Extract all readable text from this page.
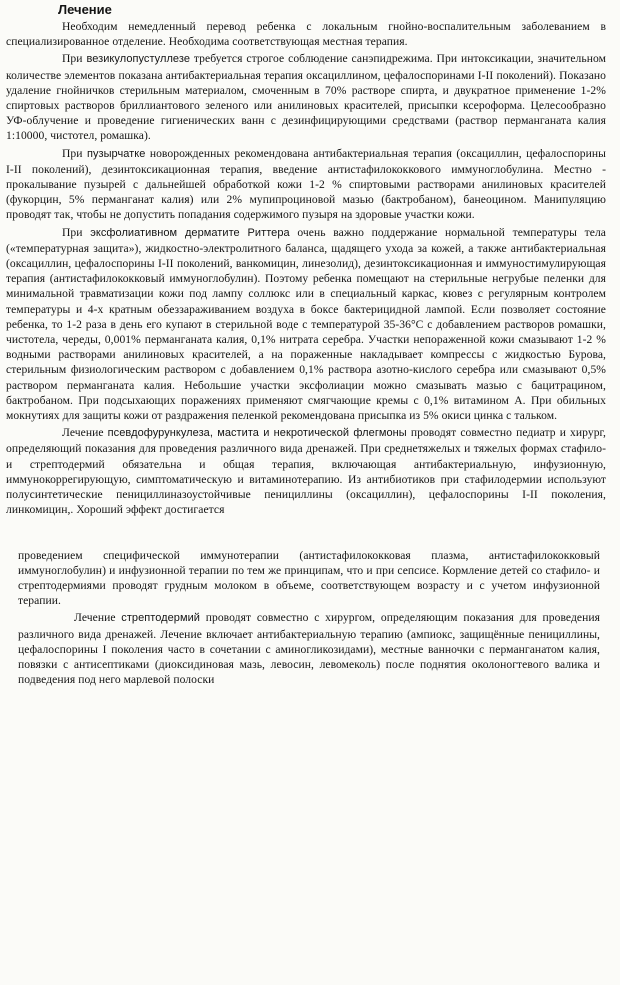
Лечение

Необходим немедленный перевод ребенка с локальным гнойно-воспалительным заболеванием в специализированное отделение. Необходима соответствующая местная терапия.

При везикулопустуллезе требуется строгое соблюдение санэпидрежима. При интоксикации, значительном количестве элементов показана антибактериальная терапия оксациллином, цефалоспоринами I-II поколений). Показано удаление гнойничков стерильным материалом, смоченным в 70% растворе спирта, и двукратное применение 1-2% спиртовых растворов бриллиантового зеленого или анилиновых красителей, присыпки ксероформа. Целесообразно УФ-облучение и проведение гигиенических ванн с дезинфицирующими средствами (раствор перманганата калия 1:10000, чистотел, ромашка).

При пузырчатке новорожденных рекомендована антибактериальная терапия (оксациллин, цефалоспорины I-II поколений), дезинтоксикационная терапия, введение антистафилококкового иммуноглобулина. Местно - прокалывание пузырей с дальнейшей обработкой кожи 1-2 % спиртовыми растворами анилиновых красителей (фукорцин, 5% перманганат калия) или 2% мупипроциновой мазью (бактробаном), банеоцином. Манипуляцию проводят так, чтобы не допустить попадания содержимого пузыря на здоровые участки кожи.

При эксфолиативном дерматите Риттера очень важно поддержание нормальной температуры тела («температурная защита»), жидкостно-электролитного баланса, щадящего ухода за кожей, а также антибактериальная (оксациллин, цефалоспорины I-II поколений, ванкомицин, линезолид), дезинтоксикационная и иммуностимулирующая терапия (антистафилококковый иммуноглобулин). Поэтому ребенка помещают на стерильные негрубые пеленки для минимальной травматизации кожи под лампу соллюкс или в специальный каркас, кювез с регулярным контролем температуры и 4-х кратным обеззараживанием воздуха в боксе бактерицидной лампой. Если позволяет состояние ребенка, то 1-2 раза в день его купают в стерильной воде с температурой 35-36°С с добавлением растворов ромашки, чистотела, череды, 0,001% перманганата калия, 0,1% нитрата серебра. Участки непораженной кожи смазывают 1-2 % водными растворами анилиновых красителей, а на пораженные накладывает компрессы с жидкостью Бурова, стерильным физиологическим раствором с добавлением 0,1% раствора азотно-кислого серебра или смазывают 0,5% раствором перманганата калия. Небольшие участки эксфолиации можно смазывать мазью с бацитрацином, бактробаном. При подсыхающих поражениях применяют смягчающие кремы с 0,1% витамином А. При обильных мокнутиях для защиты кожи от раздражения пеленкой рекомендована присыпка из 5% окиси цинка с тальком.

Лечение псевдофурункулеза, мастита и некротической флегмоны проводят совместно педиатр и хирург, определяющий показания для проведения различного вида дренажей. При среднетяжелых и тяжелых формах стафило- и стрептодермий обязательна и общая терапия, включающая антибактериальную, инфузионную, иммунокоррегирующую, симптоматическую и витаминотерапию. Из антибиотиков при стафилодермии используют полусинтетические пенициллиназоустойчивые пенициллины (оксациллин), цефалоспорины I-II поколения, линкомицин,. Хороший эффект достигается

проведением специфической иммунотерапии (антистафилококковая плазма, антистафилококковый иммуноглобулин) и инфузионной терапии по тем же принципам, что и при сепсисе. Кормление детей со стафило- и стрептодермиями проводят грудным молоком в объеме, соответствующем возрасту и с учетом инфузионной терапии.

Лечение стрептодермий проводят совместно с хирургом, определяющим показания для проведения различного вида дренажей. Лечение включает антибактериальную терапию (ампиокс, защищённые пенициллины, цефалоспорины I поколения часто в сочетании с аминогликозидами), местные ванночки с перманганатом калия, повязки с антисептиками (диоксидиновая мазь, левосин, левомеколь) после поднятия околоногтевого валика и подведения под него марлевой полоски
